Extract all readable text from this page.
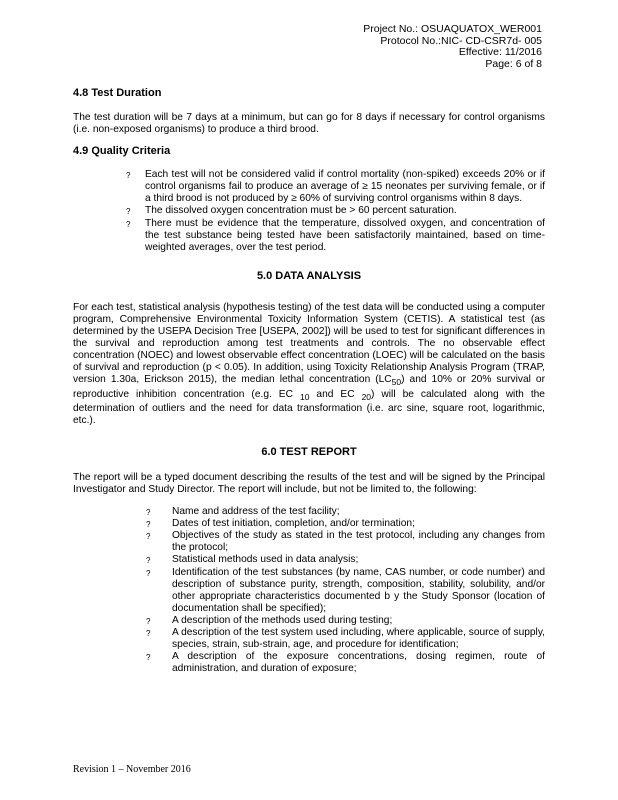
Project No.: OSUAQUATOX_WER001
Protocol No.:NIC- CD-CSR7d- 005
Effective: 11/2016
Page: 6 of 8
4.8 Test Duration

The test duration will be 7 days at a minimum, but can go for 8 days if necessary for control organisms (i.e. non-exposed organisms) to produce a third brood.

4.9 Quality Criteria
? Each test will not be considered valid if control mortality (non-spiked) exceeds 20% or if control organisms fail to produce an average of ≥ 15 neonates per surviving female, or if a third brood is not produced by ≥ 60% of surviving control organisms within 8 days.
? The dissolved oxygen concentration must be > 60 percent saturation.
? There must be evidence that the temperature, dissolved oxygen, and concentration of the test substance being tested have been satisfactorily maintained, based on time-weighted averages, over the test period.
5.0 DATA ANALYSIS

For each test, statistical analysis (hypothesis testing) of the test data will be conducted using a computer program, Comprehensive Environmental Toxicity Information System (CETIS). A statistical test (as determined by the USEPA Decision Tree [USEPA, 2002]) will be used to test for significant differences in the survival and reproduction among test treatments and controls. The no observable effect concentration (NOEC) and lowest observable effect concentration (LOEC) will be calculated on the basis of survival and reproduction (p < 0.05). In addition, using Toxicity Relationship Analysis Program (TRAP, version 1.30a, Erickson 2015), the median lethal concentration $(LC_{50})$ and 10% or 20% survival or reproductive inhibition concentration (e.g. EC $_{10}$ and EC $_{20}$) will be calculated along with the determination of outliers and the need for data transformation (i.e. arc sine, square root, logarithmic, etc.).

6.0 TEST REPORT

The report will be a typed document describing the results of the test and will be signed by the Principal Investigator and Study Director. The report will include, but not be limited to, the following:

? Name and address of the test facility;
? Dates of test initiation, completion, and/or termination;
? Objectives of the study as stated in the test protocol, including any changes from the protocol;
? Statistical methods used in data analysis;
? Identification of the test substances (by name, CAS number, or code number) and description of substance purity, strength, composition, stability, solubility, and/or other appropriate characteristics documented b y the Study Sponsor (location of documentation shall be specified);
? A description of the methods used during testing;
? A description of the test system used including, where applicable, source of supply, species, strain, sub-strain, age, and procedure for identification;
? A description of the exposure concentrations, dosing regimen, route of administration, and duration of exposure;
Revision 1 – November 2016
